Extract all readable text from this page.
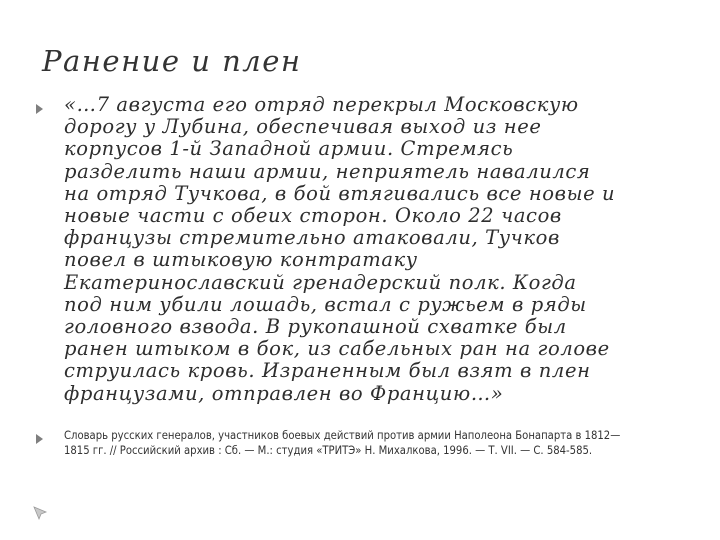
Ранение и плен
«…7 августа его отряд перекрыл Московскую
дорогу у Лубина, обеспечивая выход из нее
корпусов 1-й Западной армии. Стремясь
разделить наши армии, неприятель навалился
на отряд Тучкова, в бой втягивались все новые и
новые части с обеих сторон. Около 22 часов
французы стремительно атаковали, Тучков
повел в штыковую контратаку
Екатеринославский гренадерский полк. Когда
под ним убили лошадь, встал с ружьем в ряды
головного взвода. В рукопашной схватке был
ранен штыком в бок, из сабельных ран на голове
струилась кровь. Израненным был взят в плен
французами, отправлен во Францию…»
Словарь русских генералов, участников боевых действий против армии Наполеона Бонапарта в 1812—
1815 гг. // Российский архив : Сб. — М.: студия «ТРИТЭ» Н. Михалкова, 1996. — Т. VII. — С. 584-585.
